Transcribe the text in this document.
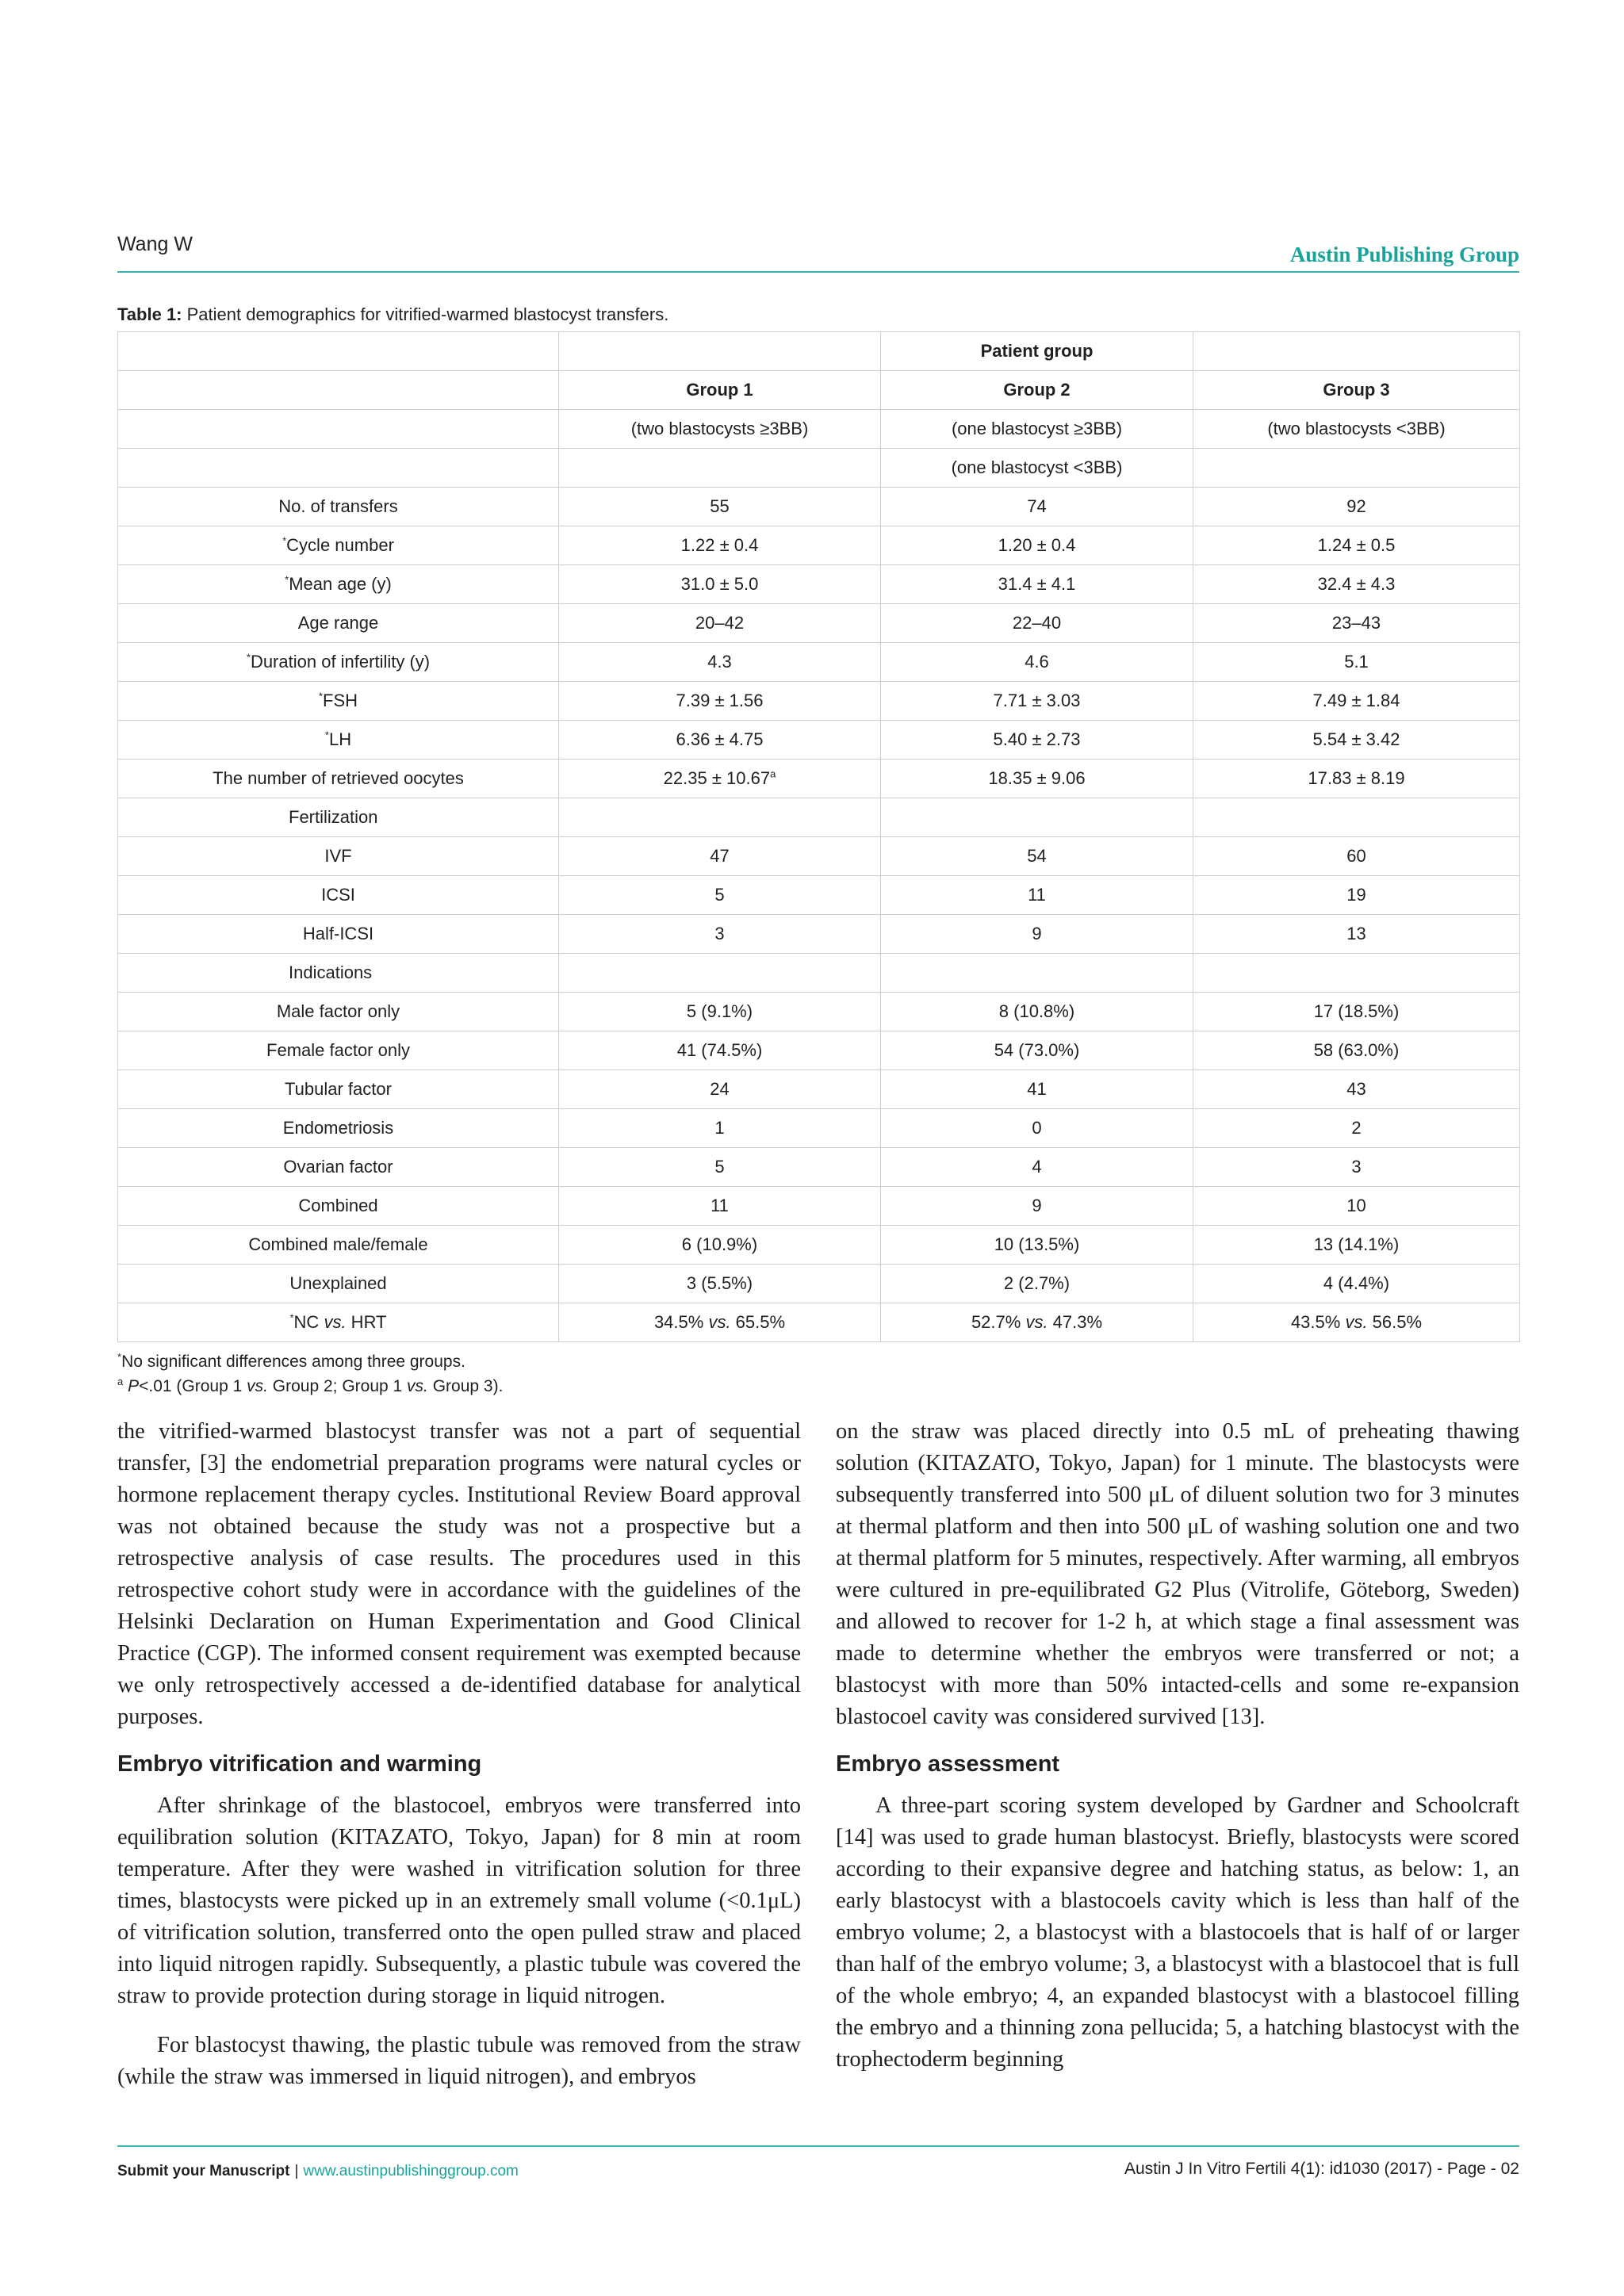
Wang W	Austin Publishing Group
Table 1: Patient demographics for vitrified-warmed blastocyst transfers.
		Patient group	
	Group 1	Group 2	Group 3
	(two blastocysts ≥3BB)	(one blastocyst ≥3BB)	(two blastocysts <3BB)
		(one blastocyst <3BB)	
No. of transfers	55	74	92
*Cycle number	1.22 ± 0.4	1.20 ± 0.4	1.24 ± 0.5
*Mean age (y)	31.0 ± 5.0	31.4 ± 4.1	32.4 ± 4.3
Age range	20–42	22–40	23–43
*Duration of infertility (y)	4.3	4.6	5.1
*FSH	7.39 ± 1.56	7.71 ± 3.03	7.49 ± 1.84
*LH	6.36 ± 4.75	5.40 ± 2.73	5.54 ± 3.42
The number of retrieved oocytes	22.35 ± 10.67$^a$	18.35 ± 9.06	17.83 ± 8.19
Fertilization			
IVF	47	54	60
ICSI	5	11	19
Half-ICSI	3	9	13
Indications			
Male factor only	5 (9.1%)	8 (10.8%)	17 (18.5%)
Female factor only	41 (74.5%)	54 (73.0%)	58 (63.0%)
Tubular factor	24	41	43
Endometriosis	1	0	2
Ovarian factor	5	4	3
Combined	11	9	10
Combined male/female	6 (10.9%)	10 (13.5%)	13 (14.1%)
Unexplained	3 (5.5%)	2 (2.7%)	4 (4.4%)
*NC vs. HRT	34.5% vs. 65.5%	52.7% vs. 47.3%	43.5% vs. 56.5%
*No significant differences among three groups.
$^a$ P<.01 (Group 1 vs. Group 2; Group 1 vs. Group 3).

the vitrified-warmed blastocyst transfer was not a part of sequential transfer, [3] the endometrial preparation programs were natural cycles or hormone replacement therapy cycles. Institutional Review Board approval was not obtained because the study was not a prospective but a retrospective analysis of case results. The procedures used in this retrospective cohort study were in accordance with the guidelines of the Helsinki Declaration on Human Experimentation and Good Clinical Practice (CGP). The informed consent requirement was exempted because we only retrospectively accessed a de-identified database for analytical purposes.

Embryo vitrification and warming

After shrinkage of the blastocoel, embryos were transferred into equilibration solution (KITAZATO, Tokyo, Japan) for 8 min at room temperature. After they were washed in vitrification solution for three times, blastocysts were picked up in an extremely small volume (<0.1μL) of vitrification solution, transferred onto the open pulled straw and placed into liquid nitrogen rapidly. Subsequently, a plastic tubule was covered the straw to provide protection during storage in liquid nitrogen.

For blastocyst thawing, the plastic tubule was removed from the straw (while the straw was immersed in liquid nitrogen), and embryos

on the straw was placed directly into 0.5 mL of preheating thawing solution (KITAZATO, Tokyo, Japan) for 1 minute. The blastocysts were subsequently transferred into 500 μL of diluent solution two for 3 minutes at thermal platform and then into 500 μL of washing solution one and two at thermal platform for 5 minutes, respectively. After warming, all embryos were cultured in pre-equilibrated G2 Plus (Vitrolife, Göteborg, Sweden) and allowed to recover for 1-2 h, at which stage a final assessment was made to determine whether the embryos were transferred or not; a blastocyst with more than 50% intacted-cells and some re-expansion blastocoel cavity was considered survived [13].

Embryo assessment

A three-part scoring system developed by Gardner and Schoolcraft [14] was used to grade human blastocyst. Briefly, blastocysts were scored according to their expansive degree and hatching status, as below: 1, an early blastocyst with a blastocoels cavity which is less than half of the embryo volume; 2, a blastocyst with a blastocoels that is half of or larger than half of the embryo volume; 3, a blastocyst with a blastocoel that is full of the whole embryo; 4, an expanded blastocyst with a blastocoel filling the embryo and a thinning zona pellucida; 5, a hatching blastocyst with the trophectoderm beginning

Submit your Manuscript | www.austinpublishinggroup.com	Austin J In Vitro Fertili 4(1): id1030 (2017) - Page - 02
